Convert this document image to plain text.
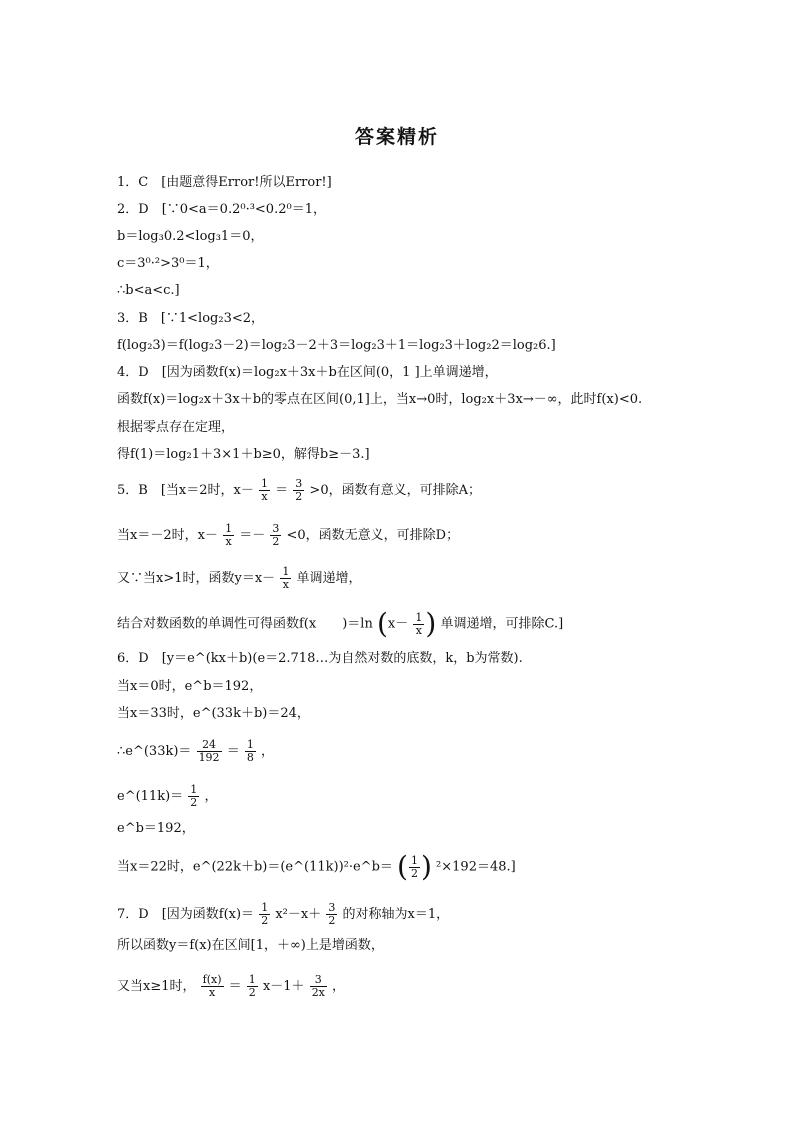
答案精析
1．C　[由题意得Error!所以Error!]
2．D　[∵0<a＝0.2⁰·³<0.2⁰＝1，
b＝log₃0.2<log₃1＝0，
c＝3⁰·²>3⁰＝1，
∴b<a<c.]
3．B　[∵1<log₂3<2，
f(log₂3)＝f(log₂3－2)＝log₂3－2＋3＝log₂3＋1＝log₂3＋log₂2＝log₂6.]
4．D　[因为函数f(x)＝log₂x＋3x＋b在区间(0，1 ]上单调递增，
函数f(x)＝log₂x＋3x＋b的零点在区间(0,1]上，当x→0时，log₂x＋3x→－∞，此时f(x)<0.
根据零点存在定理，
得f(1)＝log₂1＋3×1＋b≥0，解得b≥－3.]
5．B　[当x＝2时，$x- \frac{1}{x} = \frac{3}{2} >0$，函数有意义，可排除A；
当x＝－2时，$x- \frac{1}{x} =- \frac{3}{2} <0$，函数无意义，可排除D；
又∵当x>1时，函数$y=x- \frac{1}{x}$ 单调递增，
结合对数函数的单调性可得函数f(x　　)＝ln ($x- \frac{1}{x}$ ) 单调递增，可排除C.]
6．D　[y＝e^(kx＋b)(e＝2.718…为自然对数的底数，k，b为常数).
当x＝0时，e^b＝192，
当x＝33时，e^(33k＋b)＝24，
∴e^(33k)＝ $\frac{24}{192} = \frac{1}{8}$ ，
e^(11k)＝ $\frac{1}{2}$ ，
e^b＝192，
当x＝22时，e^(22k＋b)＝(e^(11k))²·e^b＝ ( $\frac{1}{2}$ ) ²×192＝48.]
7．D　[因为函数$f(x)= \frac{1}{2} x^2-x+ \frac{3}{2}$ 的对称轴为x＝1，
所以函数y＝f(x)在区间[1，＋∞)上是增函数，
又当x≥1时， $\frac{f(x)}{x} = \frac{1}{2} x-1+ \frac{3}{2x}$ ，
